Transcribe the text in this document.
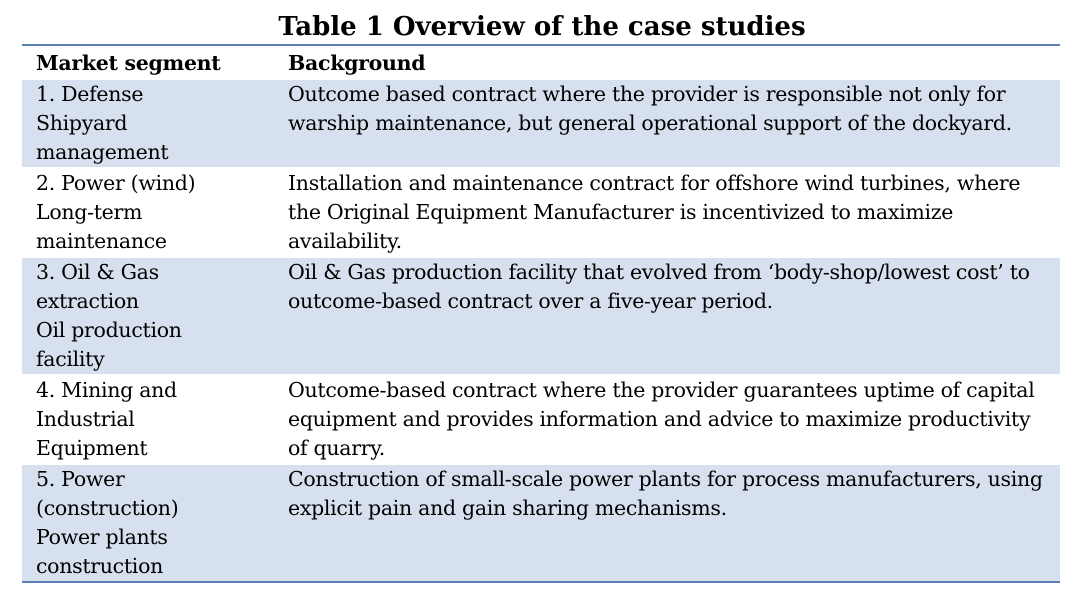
Table 1 Overview of the case studies
Market segment	Background
1. Defense
Shipyard
management
Outcome based contract where the provider is responsible not only for warship maintenance, but general operational support of the dockyard.
2. Power (wind)
Long-term
maintenance
Installation and maintenance contract for offshore wind turbines, where the Original Equipment Manufacturer is incentivized to maximize availability.
3. Oil & Gas
extraction
Oil production
facility
Oil & Gas production facility that evolved from ‘body-shop/lowest cost’ to outcome-based contract over a five-year period.
4. Mining and
Industrial
Equipment
Outcome-based contract where the provider guarantees uptime of capital equipment and provides information and advice to maximize productivity of quarry.
5. Power
(construction)
Power plants
construction
Construction of small-scale power plants for process manufacturers, using explicit pain and gain sharing mechanisms.
